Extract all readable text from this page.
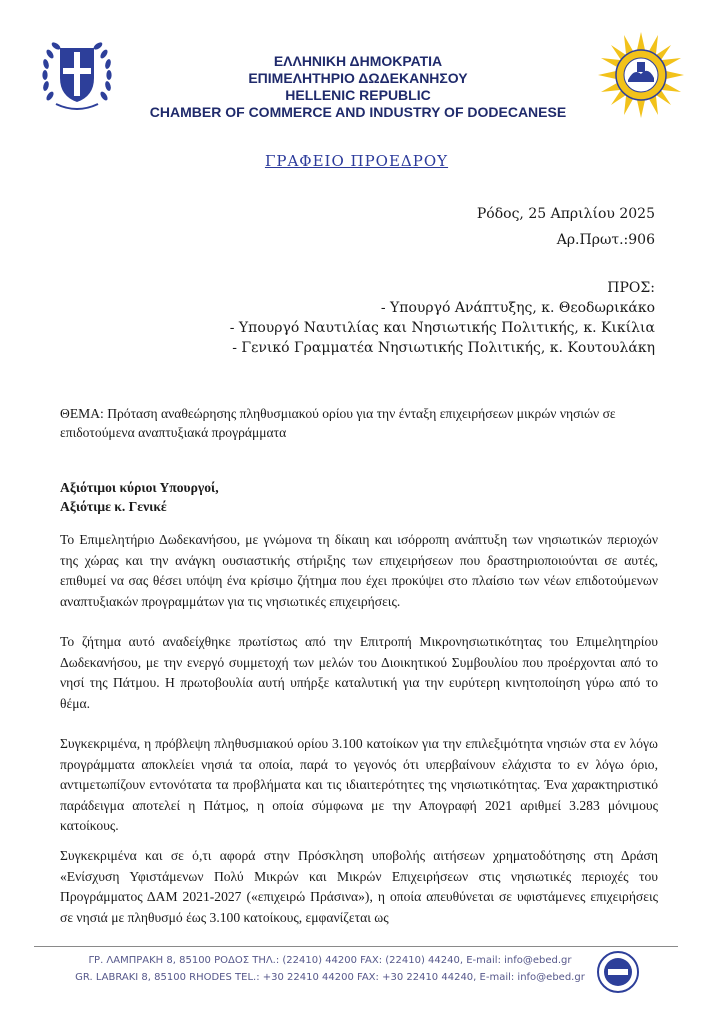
ΕΛΛΗΝΙΚΗ ΔΗΜΟΚΡΑΤΙΑ
ΕΠΙΜΕΛΗΤΗΡΙΟ ΔΩΔΕΚΑΝΗΣΟΥ
HELLENIC REPUBLIC
CHAMBER OF COMMERCE AND INDUSTRY OF DODECANESE
ΓΡΑΦΕΙΟ ΠΡΟΕΔΡΟΥ
Ρόδος, 25 Απριλίου 2025
Αρ.Πρωτ.:906
ΠΡΟΣ:
- Υπουργό Ανάπτυξης, κ. Θεοδωρικάκο
- Υπουργό Ναυτιλίας και Νησιωτικής Πολιτικής, κ. Κικίλια
- Γενικό Γραμματέα Νησιωτικής Πολιτικής, κ. Κουτουλάκη
ΘΕΜΑ: Πρόταση αναθεώρησης πληθυσμιακού ορίου για την ένταξη επιχειρήσεων μικρών νησιών σε επιδοτούμενα αναπτυξιακά προγράμματα
Αξιότιμοι κύριοι Υπουργοί,
Αξιότιμε κ. Γενικέ
Το Επιμελητήριο Δωδεκανήσου, με γνώμονα τη δίκαιη και ισόρροπη ανάπτυξη των νησιωτικών περιοχών της χώρας και την ανάγκη ουσιαστικής στήριξης των επιχειρήσεων που δραστηριοποιούνται σε αυτές, επιθυμεί να σας θέσει υπόψη ένα κρίσιμο ζήτημα που έχει προκύψει στο πλαίσιο των νέων επιδοτούμενων αναπτυξιακών προγραμμάτων για τις νησιωτικές επιχειρήσεις.
Το ζήτημα αυτό αναδείχθηκε πρωτίστως από την Επιτροπή Μικρονησιωτικότητας του Επιμελητηρίου Δωδεκανήσου, με την ενεργό συμμετοχή των μελών του Διοικητικού Συμβουλίου που προέρχονται από το νησί της Πάτμου. Η πρωτοβουλία αυτή υπήρξε καταλυτική για την ευρύτερη κινητοποίηση γύρω από το θέμα.
Συγκεκριμένα, η πρόβλεψη πληθυσμιακού ορίου 3.100 κατοίκων για την επιλεξιμότητα νησιών στα εν λόγω προγράμματα αποκλείει νησιά τα οποία, παρά το γεγονός ότι υπερβαίνουν ελάχιστα το εν λόγω όριο, αντιμετωπίζουν εντονότατα τα προβλήματα και τις ιδιαιτερότητες της νησιωτικότητας. Ένα χαρακτηριστικό παράδειγμα αποτελεί η Πάτμος, η οποία σύμφωνα με την Απογραφή 2021 αριθμεί 3.283 μόνιμους κατοίκους.
Συγκεκριμένα και σε ό,τι αφορά στην Πρόσκληση υποβολής αιτήσεων χρηματοδότησης στη Δράση «Ενίσχυση Υφιστάμενων Πολύ Μικρών και Μικρών Επιχειρήσεων στις νησιωτικές περιοχές του Προγράμματος ΔΑΜ 2021-2027 («επιχειρώ Πράσινα»), η οποία απευθύνεται σε υφιστάμενες επιχειρήσεις σε νησιά με πληθυσμό έως 3.100 κατοίκους, εμφανίζεται ως
ΓΡ. ΛΑΜΠΡΑΚΗ 8, 85100 ΡΟΔΟΣ ΤΗΛ.: (22410) 44200 FAX: (22410) 44240, E-mail: info@ebed.gr
GR. LABRAKI 8, 85100 RHODES TEL.: +30 22410 44200 FAX: +30 22410 44240, E-mail: info@ebed.gr
